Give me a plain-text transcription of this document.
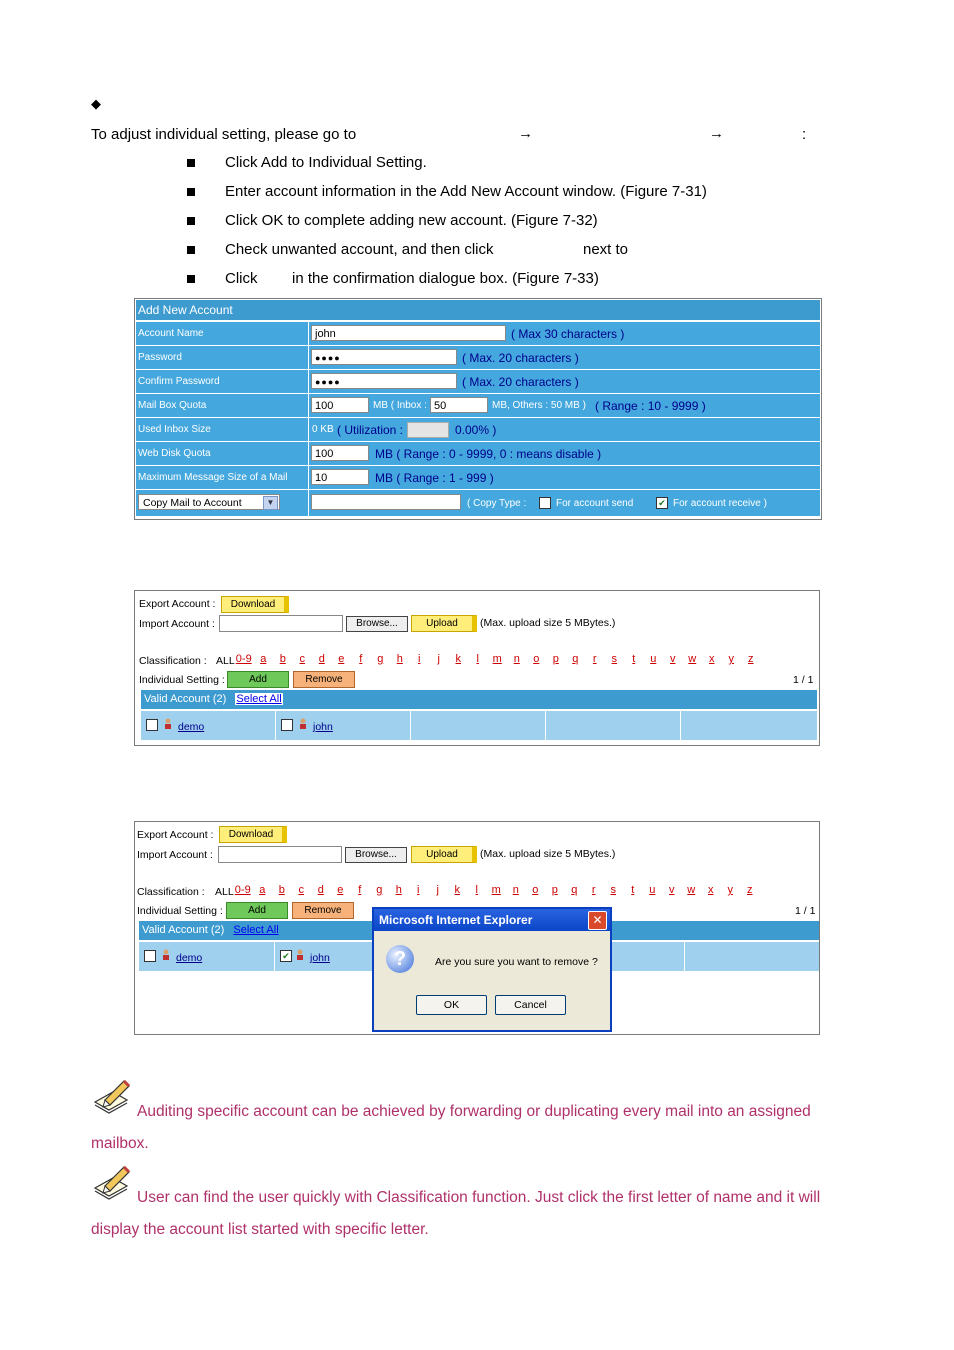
◆
To adjust individual setting, please go to	→	→	:
Click Add to Individual Setting.
Enter account information in the Add New Account window. (Figure 7-31)
Click OK to complete adding new account. (Figure 7-32)
Check unwanted account, and then click	next to
Click in the confirmation dialogue box. (Figure 7-33)
Add New Account
Account Name	john	( Max 30 characters )
Password	●●●●	( Max. 20 characters )
Confirm Password	●●●●	( Max. 20 characters )
Mail Box Quota	100	MB ( Inbox : 50	MB, Others : 50 MB ) ( Range : 10 - 9999 )
Used Inbox Size	0 KB ( Utilization :	0.00% )
Web Disk Quota	100	MB ( Range : 0 - 9999, 0 : means disable )
Maximum Message Size of a Mail	10	MB ( Range : 1 - 999 )
Copy Mail to Account	▼	( Copy Type :	For account send	✔ For account receive )
Export Account :	Download
Import Account :	Browse...	Upload	(Max. upload size 5 MBytes.)
Classification : ALL 0-9 a b c d e f g h i j k l m n o p q r s t u v w x y z
Individual Setting :	Add	Remove	1 / 1
Valid Account (2) Select All
demo	john
Export Account :	Download
Import Account :	Browse...	Upload	(Max. upload size 5 MBytes.)
Classification : ALL 0-9 a b c d e f g h i j k l m n o p q r s t u v w x y z
Individual Setting :	Add	Remove	1 / 1
Valid Account (2) Select All
demo	✔ john
Microsoft Internet Explorer	✕
?	Are you sure you want to remove ?
OK	Cancel
Auditing specific account can be achieved by forwarding or duplicating every mail into an assigned
mailbox.
User can find the user quickly with Classification function. Just click the first letter of name and it will
display the account list started with specific letter.
